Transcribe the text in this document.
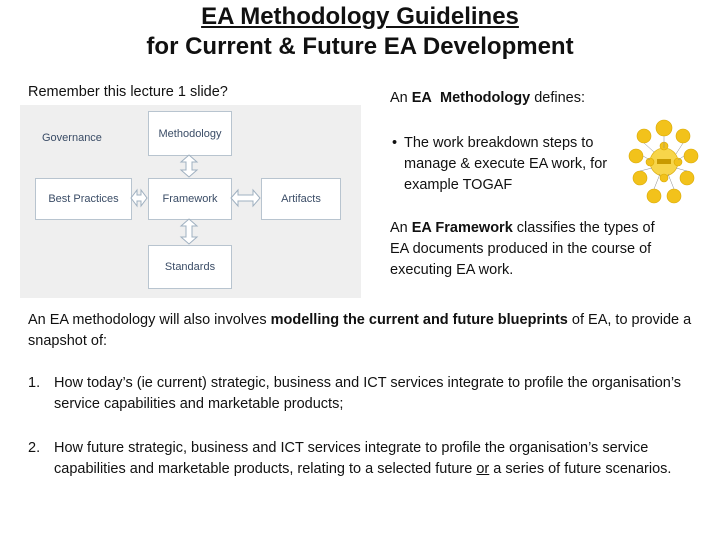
EA Methodology Guidelines
for Current & Future EA Development
Remember this lecture 1 slide?
Governance	Methodology
Best Practices	Framework	Artifacts
Standards
An EA Methodology defines:
• The work breakdown steps to manage & execute EA work, for example TOGAF
An EA Framework classifies the types of EA documents produced in the course of executing EA work.
An EA methodology will also involves modelling the current and future blueprints of EA, to provide a snapshot of:
1. How today’s (ie current) strategic, business and ICT services integrate to profile the organisation’s service capabilities and marketable products;
2. How future strategic, business and ICT services integrate to profile the organisation’s service capabilities and marketable products, relating to a selected future or a series of future scenarios.
